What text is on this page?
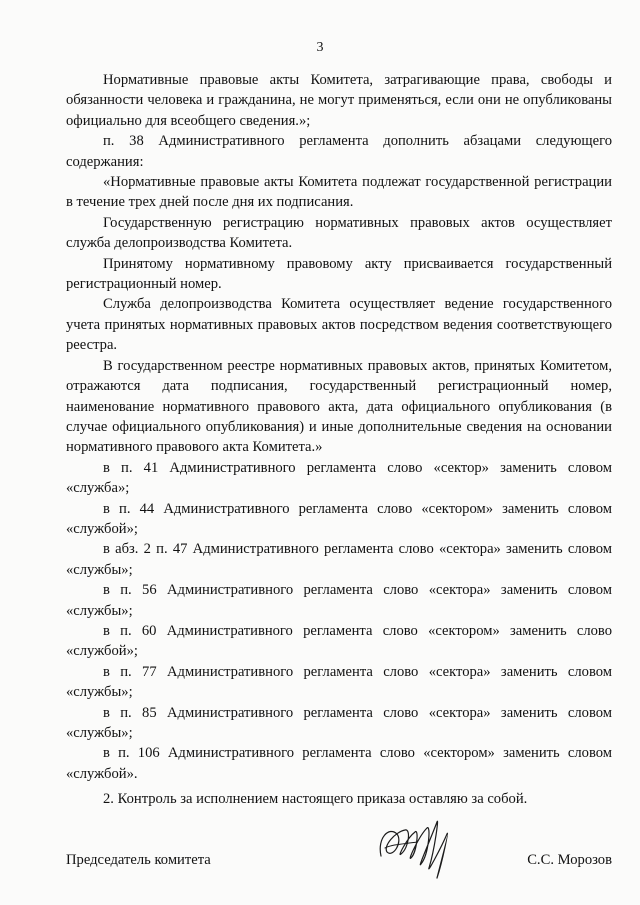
3

Нормативные правовые акты Комитета, затрагивающие права, свободы и обязанности человека и гражданина, не могут применяться, если они не опубликованы официально для всеобщего сведения.»;

п. 38 Административного регламента дополнить абзацами следующего содержания:

«Нормативные правовые акты Комитета подлежат государственной регистрации в течение трех дней после дня их подписания.

Государственную регистрацию нормативных правовых актов осуществляет служба делопроизводства Комитета.

Принятому нормативному правовому акту присваивается государственный регистрационный номер.

Служба делопроизводства Комитета осуществляет ведение государственного учета принятых нормативных правовых актов посредством ведения соответствующего реестра.

В государственном реестре нормативных правовых актов, принятых Комитетом, отражаются дата подписания, государственный регистрационный номер, наименование нормативного правового акта, дата официального опубликования (в случае официального опубликования) и иные дополнительные сведения на основании нормативного правового акта Комитета.»

в п. 41 Административного регламента слово «сектор» заменить словом «служба»;

в п. 44 Административного регламента слово «сектором» заменить словом «службой»;

в абз. 2 п. 47 Административного регламента слово «сектора» заменить словом «службы»;

в п. 56 Административного регламента слово «сектора» заменить словом «службы»;

в п. 60 Административного регламента слово «сектором» заменить слово «службой»;

в п. 77 Административного регламента слово «сектора» заменить словом «службы»;

в п. 85 Административного регламента слово «сектора» заменить словом «службы»;

в п. 106 Административного регламента слово «сектором» заменить словом «службой».

2. Контроль за исполнением настоящего приказа оставляю за собой.
Председатель комитета	С.С. Морозов
